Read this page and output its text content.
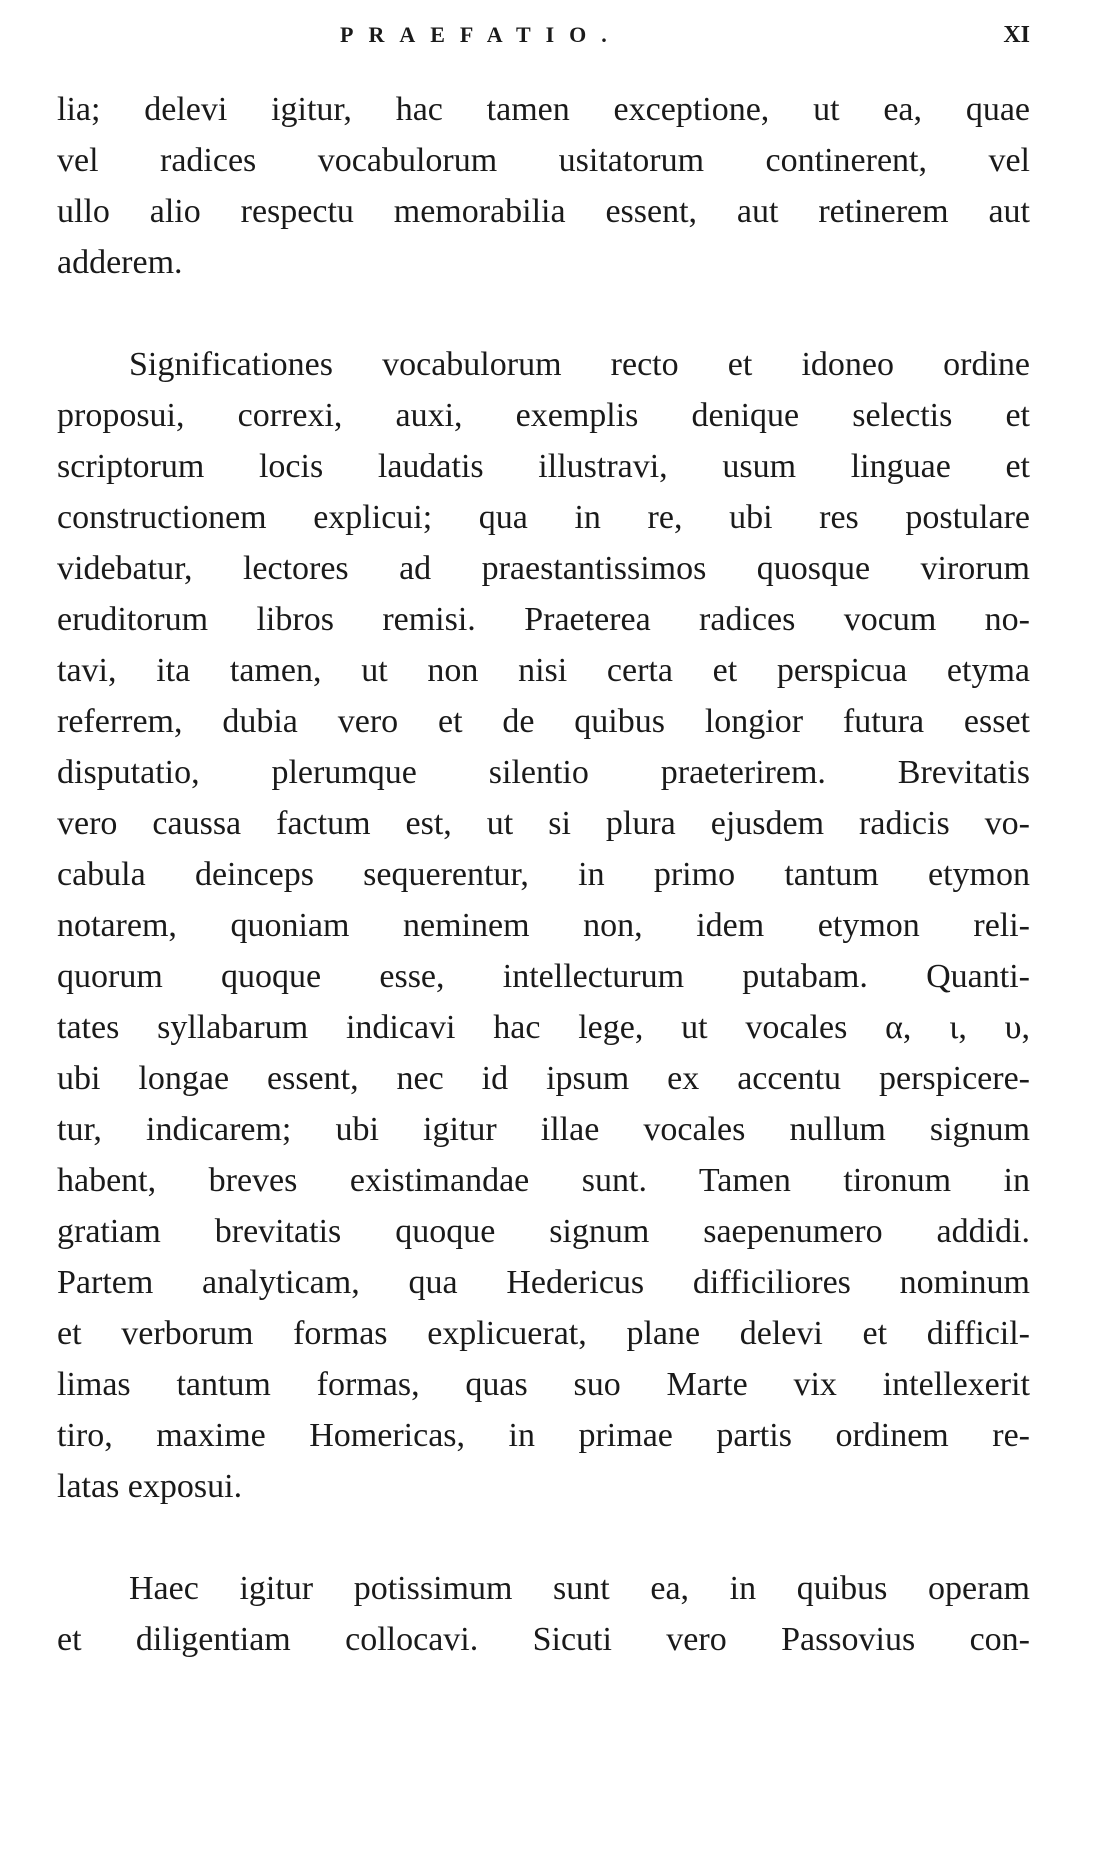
PRAEFATIO.	XI
lia; delevi igitur, hac tamen exceptione, ut ea, quae
vel radices vocabulorum usitatorum continerent, vel
ullo alio respectu memorabilia essent, aut retinerem aut
adderem.
Significationes vocabulorum recto et idoneo ordine
proposui, correxi, auxi, exemplis denique selectis et
scriptorum locis laudatis illustravi, usum linguae et
constructionem explicui; qua in re, ubi res postulare
videbatur, lectores ad praestantissimos quosque virorum
eruditorum libros remisi. Praeterea radices vocum no-
tavi, ita tamen, ut non nisi certa et perspicua etyma
referrem, dubia vero et de quibus longior futura esset
disputatio, plerumque silentio praeterirem. Brevitatis
vero caussa factum est, ut si plura ejusdem radicis vo-
cabula deinceps sequerentur, in primo tantum etymon
notarem, quoniam neminem non, idem etymon reli-
quorum quoque esse, intellecturum putabam. Quanti-
tates syllabarum indicavi hac lege, ut vocales α, ι, υ,
ubi longae essent, nec id ipsum ex accentu perspicere-
tur, indicarem; ubi igitur illae vocales nullum signum
habent, breves existimandae sunt. Tamen tironum in
gratiam brevitatis quoque signum saepenumero addidi.
Partem analyticam, qua Hedericus difficiliores nominum
et verborum formas explicuerat, plane delevi et difficil-
limas tantum formas, quas suo Marte vix intellexerit
tiro, maxime Homericas, in primae partis ordinem re-
latas exposui.
Haec igitur potissimum sunt ea, in quibus operam
et diligentiam collocavi. Sicuti vero Passovius con-
